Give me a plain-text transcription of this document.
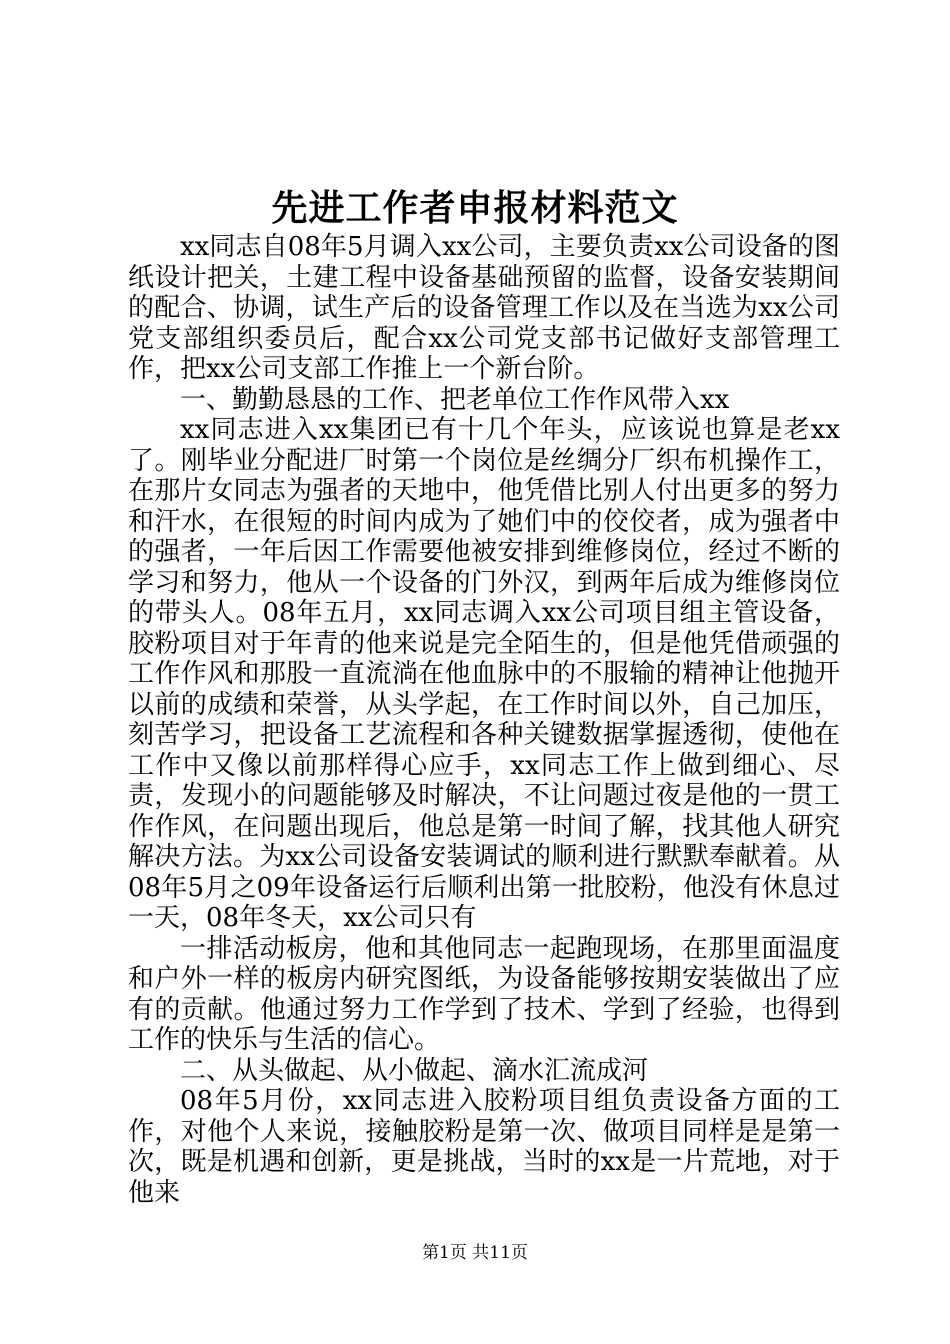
先进工作者申报材料范文

xx同志自08年5月调入xx公司，主要负责xx公司设备的图纸设计把关，土建工程中设备基础预留的监督，设备安装期间的配合、协调，试生产后的设备管理工作以及在当选为xx公司党支部组织委员后，配合xx公司党支部书记做好支部管理工作，把xx公司支部工作推上一个新台阶。

一、勤勤恳恳的工作、把老单位工作作风带入xx

xx同志进入xx集团已有十几个年头，应该说也算是老xx了。刚毕业分配进厂时第一个岗位是丝绸分厂织布机操作工，在那片女同志为强者的天地中，他凭借比别人付出更多的努力和汗水，在很短的时间内成为了她们中的佼佼者，成为强者中的强者，一年后因工作需要他被安排到维修岗位，经过不断的学习和努力，他从一个设备的门外汉，到两年后成为维修岗位的带头人。08年五月，xx同志调入xx公司项目组主管设备，胶粉项目对于年青的他来说是完全陌生的，但是他凭借顽强的工作作风和那股一直流淌在他血脉中的不服输的精神让他抛开以前的成绩和荣誉，从头学起，在工作时间以外，自己加压，刻苦学习，把设备工艺流程和各种关键数据掌握透彻，使他在工作中又像以前那样得心应手，xx同志工作上做到细心、尽责，发现小的问题能够及时解决，不让问题过夜是他的一贯工作作风，在问题出现后，他总是第一时间了解，找其他人研究解决方法。为xx公司设备安装调试的顺利进行默默奉献着。从08年5月之09年设备运行后顺利出第一批胶粉，他没有休息过一天，08年冬天，xx公司只有

一排活动板房，他和其他同志一起跑现场，在那里面温度和户外一样的板房内研究图纸，为设备能够按期安装做出了应有的贡献。他通过努力工作学到了技术、学到了经验，也得到工作的快乐与生活的信心。

二、从头做起、从小做起、滴水汇流成河

08年5月份，xx同志进入胶粉项目组负责设备方面的工作，对他个人来说，接触胶粉是第一次、做项目同样是是第一次，既是机遇和创新，更是挑战，当时的xx是一片荒地，对于他来

第1页 共11页
